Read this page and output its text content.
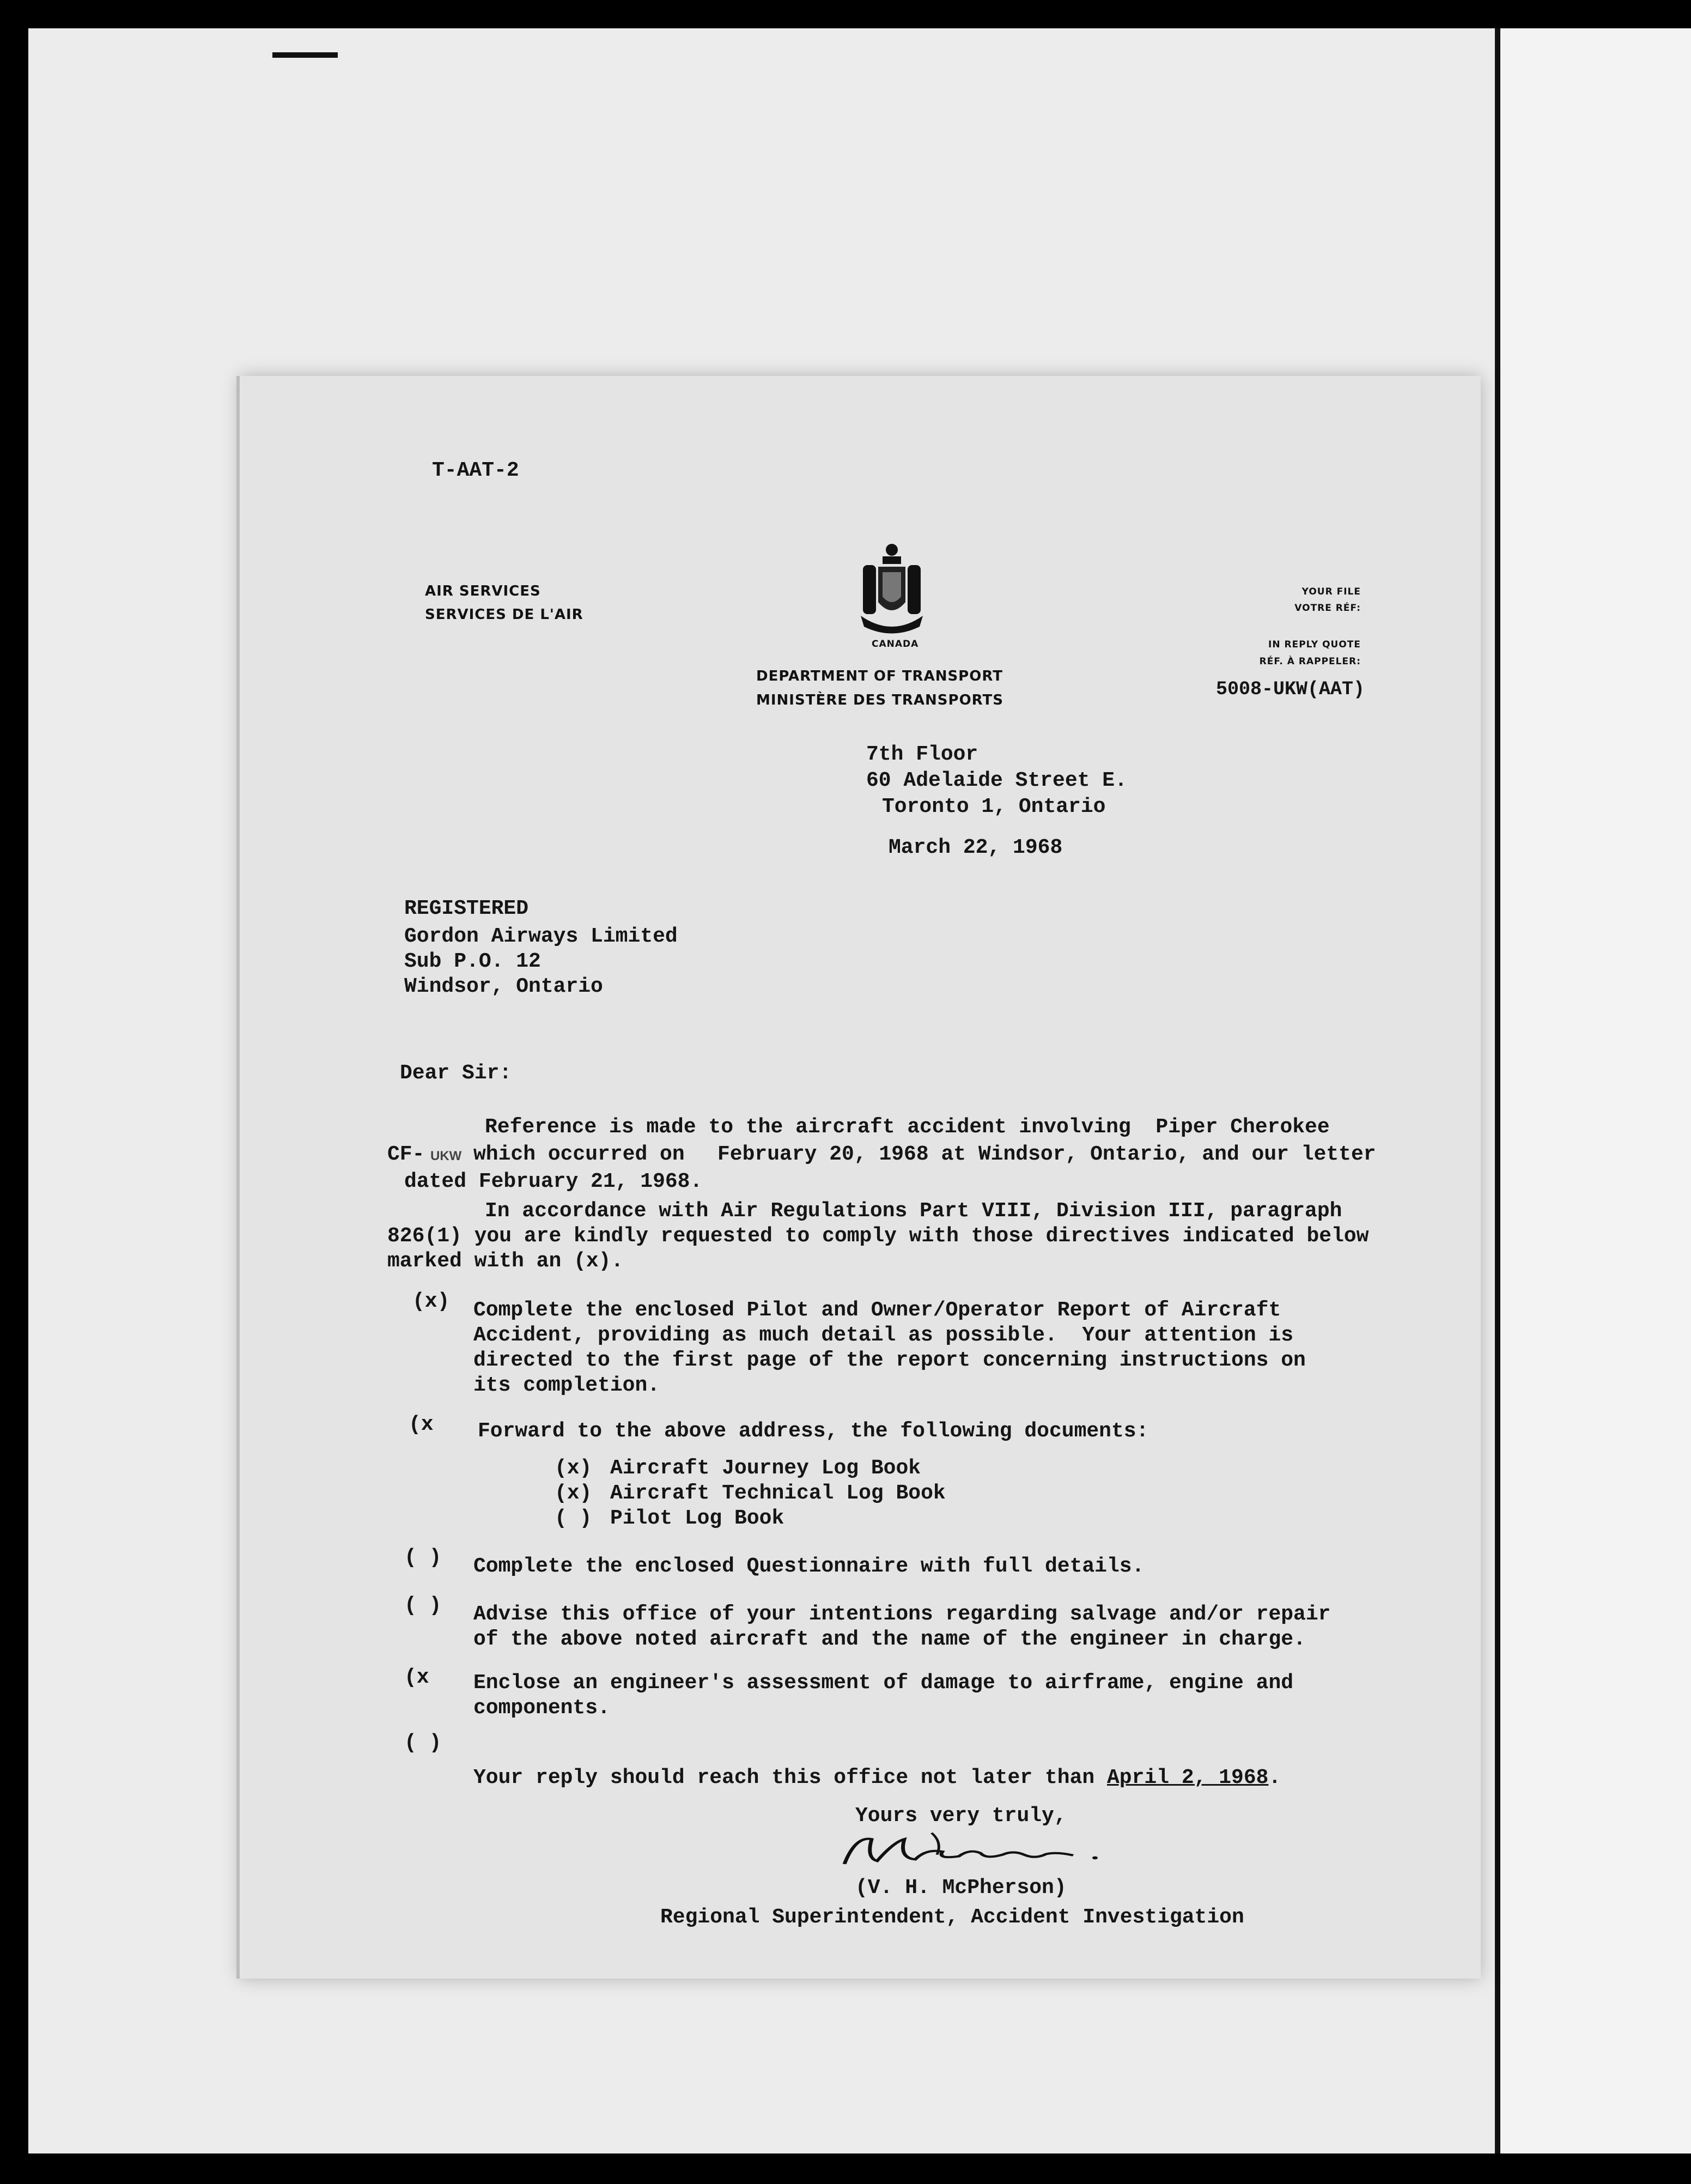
T-AAT-2
AIR SERVICES
SERVICES DE L'AIR
CANADA
DEPARTMENT OF TRANSPORT
MINISTÈRE DES TRANSPORTS
YOUR FILE
VOTRE RÉF:
IN REPLY QUOTE
RÉF. À RAPPELER:
5008-UKW(AAT)
7th Floor
60 Adelaide Street E.
Toronto 1, Ontario
March 22, 1968
REGISTERED
Gordon Airways Limited
Sub P.O. 12
Windsor, Ontario
Dear Sir:
Reference is made to the aircraft accident involving  Piper Cherokee
CF- UKW which occurred on February 20, 1968 at Windsor, Ontario, and our letter
dated February 21, 1968.
In accordance with Air Regulations Part VIII, Division III, paragraph
826(1) you are kindly requested to comply with those directives indicated below
marked with an (x).
(x) Complete the enclosed Pilot and Owner/Operator Report of Aircraft
Accident, providing as much detail as possible.  Your attention is
directed to the first page of the report concerning instructions on
its completion.
(x Forward to the above address, the following documents:
(x) Aircraft Journey Log Book
(x) Aircraft Technical Log Book
( ) Pilot Log Book
( ) Complete the enclosed Questionnaire with full details.
( ) Advise this office of your intentions regarding salvage and/or repair
of the above noted aircraft and the name of the engineer in charge.
(x Enclose an engineer's assessment of damage to airframe, engine and
components.
( )
Your reply should reach this office not later than April 2, 1968.
Yours very truly,
(V. H. McPherson)
Regional Superintendent, Accident Investigation
